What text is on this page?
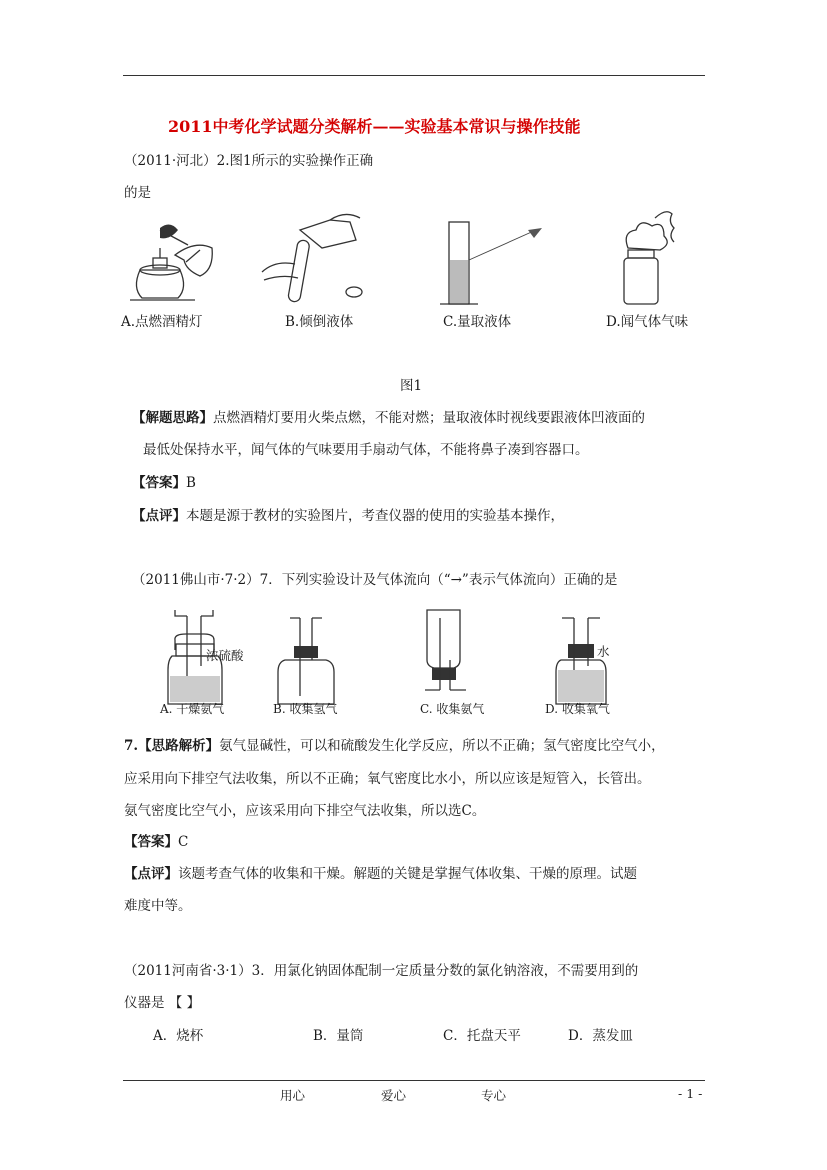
2011中考化学试题分类解析——实验基本常识与操作技能
（2011·河北）2.图1所示的实验操作正确
的是
A.点燃酒精灯	B.倾倒液体	C.量取液体	D.闻气体气味
图1
【解题思路】点燃酒精灯要用火柴点燃，不能对燃；量取液体时视线要跟液体凹液面的
最低处保持水平，闻气体的气味要用手扇动气体，不能将鼻子凑到容器口。
【答案】B
【点评】本题是源于教材的实验图片，考查仪器的使用的实验基本操作，
（2011佛山市·7·2）7．下列实验设计及气体流向（“→”表示气体流向）正确的是
浓硫酸	水
A. 干燥氨气	B. 收集氢气	C. 收集氨气	D. 收集氧气
7.【思路解析】氨气显碱性，可以和硫酸发生化学反应，所以不正确；氢气密度比空气小，
应采用向下排空气法收集，所以不正确；氧气密度比水小，所以应该是短管入，长管出。
氨气密度比空气小，应该采用向下排空气法收集，所以选C。
【答案】C
【点评】该题考查气体的收集和干燥。解题的关键是掌握气体收集、干燥的原理。试题
难度中等。
（2011河南省·3·1）3．用氯化钠固体配制一定质量分数的氯化钠溶液，不需要用到的
仪器是 【 】
A．烧杯	B．量筒	C．托盘天平	D．蒸发皿
用心	爱心	专心	- 1 -
